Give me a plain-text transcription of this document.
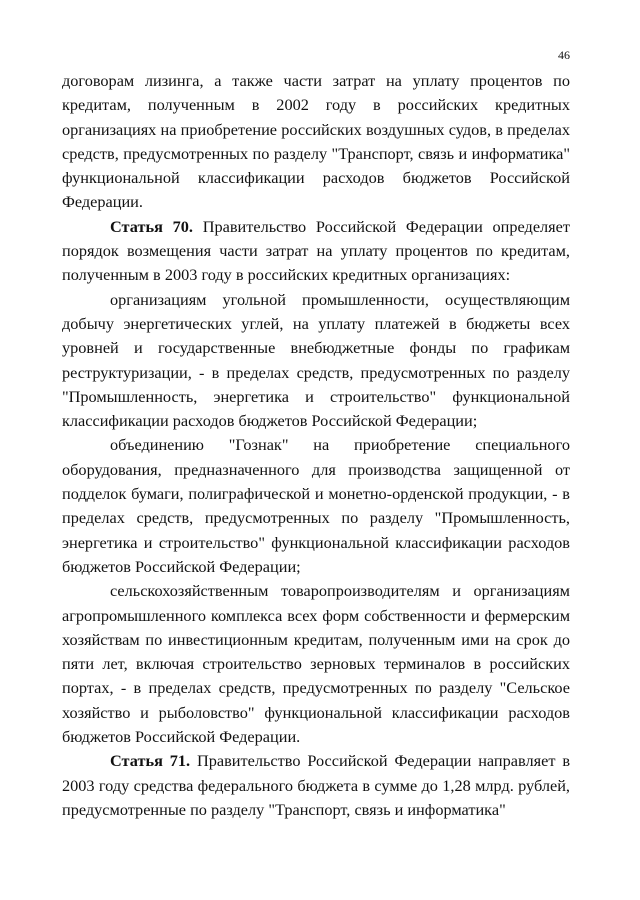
46

договорам лизинга, а также части затрат на уплату процентов по кредитам, полученным в 2002 году в российских кредитных организациях на приобретение российских воздушных судов, в пределах средств, предусмотренных по разделу "Транспорт, связь и информатика" функциональной классификации расходов бюджетов Российской Федерации.

Статья 70. Правительство Российской Федерации определяет порядок возмещения части затрат на уплату процентов по кредитам, полученным в 2003 году в российских кредитных организациях:

организациям угольной промышленности, осуществляющим добычу энергетических углей, на уплату платежей в бюджеты всех уровней и государственные внебюджетные фонды по графикам реструктуризации, - в пределах средств, предусмотренных по разделу "Промышленность, энергетика и строительство" функциональной классификации расходов бюджетов Российской Федерации;

объединению "Гознак" на приобретение специального оборудования, предназначенного для производства защищенной от подделок бумаги, полиграфической и монетно-орденской продукции, - в пределах средств, предусмотренных по разделу "Промышленность, энергетика и строительство" функциональной классификации расходов бюджетов Российской Федерации;

сельскохозяйственным товаропроизводителям и организациям агропромышленного комплекса всех форм собственности и фермерским хозяйствам по инвестиционным кредитам, полученным ими на срок до пяти лет, включая строительство зерновых терминалов в российских портах, - в пределах средств, предусмотренных по разделу "Сельское хозяйство и рыболовство" функциональной классификации расходов бюджетов Российской Федерации.

Статья 71. Правительство Российской Федерации направляет в 2003 году средства федерального бюджета в сумме до 1,28 млрд. рублей, предусмотренные по разделу "Транспорт, связь и информатика"
